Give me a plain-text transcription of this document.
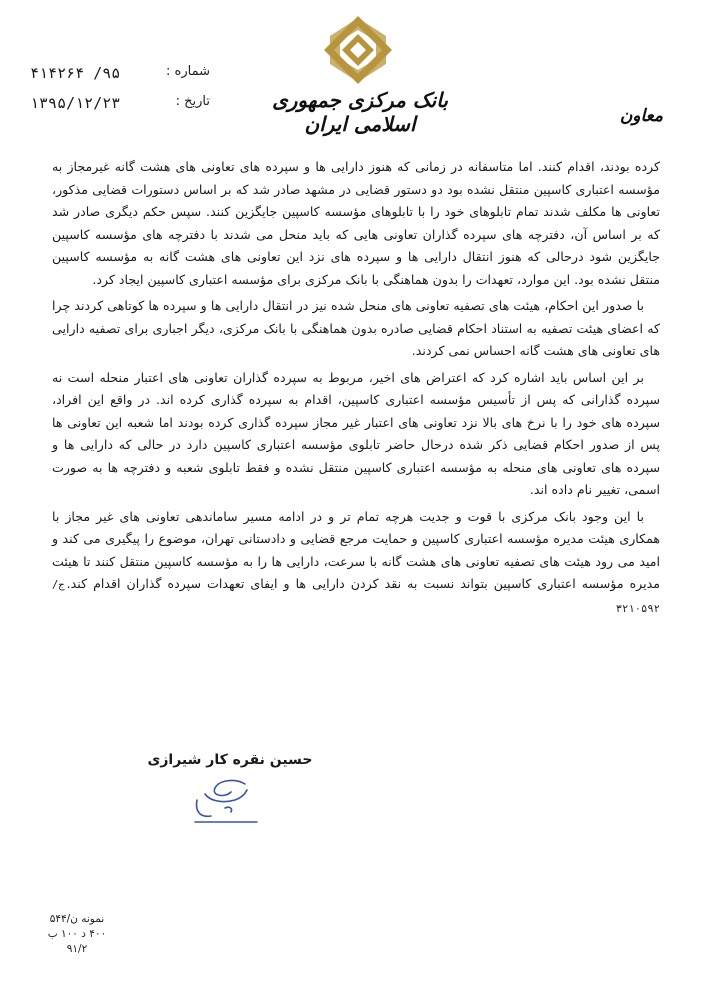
بانک مرکزی جمهوری اسلامی ایران	معاون
شماره :
۹۵/ ۴۱۴۲۶۴
تاریخ :
۱۳۹۵/۱۲/۲۳

کرده بودند، اقدام کنند. اما متاسفانه در زمانی که هنوز دارایی ها و سپرده های تعاونی های هشت گانه غیرمجاز به مؤسسه اعتباری کاسپین منتقل نشده بود دو دستور قضایی در مشهد صادر شد که بر اساس دستورات قضایی مذکور، تعاونی ها مکلف شدند تمام تابلوهای خود را با تابلوهای مؤسسه کاسپین جایگزین کنند. سپس حکم دیگری صادر شد که بر اساس آن، دفترچه های سپرده گذاران تعاونی هایی که باید منحل می شدند با دفترچه های مؤسسه کاسپین جایگزین شود درحالی که هنوز انتقال دارایی ها و سپرده های نزد این تعاونی های هشت گانه به مؤسسه کاسپین منتقل نشده بود. این موارد، تعهدات را بدون هماهنگی با بانک مرکزی برای مؤسسه اعتباری کاسپین ایجاد کرد.

با صدور این احکام، هیئت های تصفیه تعاونی های منحل شده نیز در انتقال دارایی ها و سپرده ها کوتاهی کردند چرا که اعضای هیئت تصفیه به استناد احکام قضایی صادره بدون هماهنگی با بانک مرکزی، دیگر اجباری برای تصفیه دارایی های تعاونی های هشت گانه احساس نمی کردند.

بر این اساس باید اشاره کرد که اعتراض های اخیر، مربوط به سپرده گذاران تعاونی های اعتبار منحله است نه سپرده گذارانی که پس از تأسیس مؤسسه اعتباری کاسپین، اقدام به سپرده گذاری کرده اند. در واقع این افراد، سپرده های خود را با نرخ های بالا نزد تعاونی های اعتبار غیر مجاز سپرده گذاری کرده بودند اما شعبه این تعاونی ها پس از صدور احکام قضایی ذکر شده درحال حاضر تابلوی مؤسسه اعتباری کاسپین دارد در حالی که دارایی ها و سپرده های تعاونی های منحله به مؤسسه اعتباری کاسپین منتقل نشده و فقط تابلوی شعبه و دفترچه ها به صورت اسمی، تغییر نام داده اند.

با این وجود بانک مرکزی با قوت و جدیت هرچه تمام تر و در ادامه مسیر ساماندهی تعاونی های غیر مجاز با همکاری هیئت مدیره مؤسسه اعتباری کاسپین و حمایت مرجع قضایی و دادستانی تهران، موضوع را پیگیری می کند و امید می رود هیئت های تصفیه تعاونی های هشت گانه با سرعت، دارایی ها را به مؤسسه کاسپین منتقل کنند تا هیئت مدیره مؤسسه اعتباری کاسپین بتواند نسبت به نقد کردن دارایی ها و ایفای تعهدات سپرده گذاران اقدام کند.ج/۳۲۱۰۵۹۲

حسین نقره کار شیرازی
نمونه ن/۵۴۴
۴۰۰ د ۱۰۰ ب
۹۱/۲
